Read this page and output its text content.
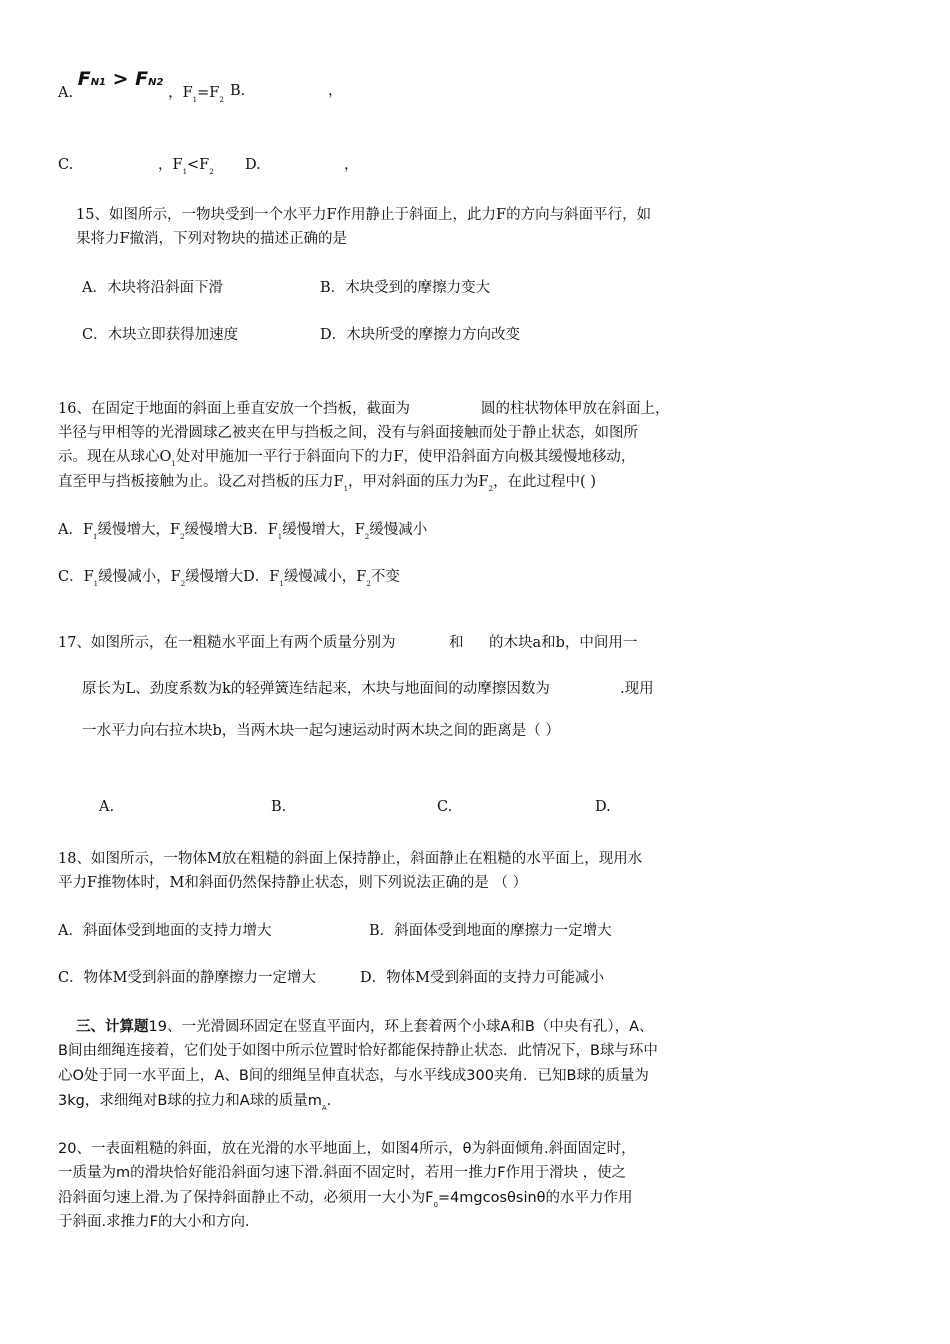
A. FN1 > FN2 ，$F_1=F_2$
B.	，
C.	，$F_1<F_2$ D.	，
15、如图所示，一物块受到一个水平力F作用静止于斜面上，此力F的方向与斜面平行，如
果将力F撤消，下列对物块的描述正确的是
A．木块将沿斜面下滑	B．木块受到的摩擦力变大
C．木块立即获得加速度	D．木块所受的摩擦力方向改变
16、在固定于地面的斜面上垂直安放一个挡板，截面为	圆的柱状物体甲放在斜面上，
半径与甲相等的光滑圆球乙被夹在甲与挡板之间，没有与斜面接触而处于静止状态，如图所
示。现在从球心$O_1$处对甲施加一平行于斜面向下的力F，使甲沿斜面方向极其缓慢地移动，
直至甲与挡板接触为止。设乙对挡板的压力$F_1$，甲对斜面的压力为$F_2$，在此过程中( )
A．$F_1$缓慢增大，$F_2$缓慢增大B．$F_1$缓慢增大，$F_2$缓慢减小
C．$F_1$缓慢减小，$F_2$缓慢增大D．$F_1$缓慢减小，$F_2$不变
17、如图所示，在一粗糙水平面上有两个质量分别为	和 的木块a和b，中间用一
原长为L、劲度系数为k的轻弹簧连结起来，木块与地面间的动摩擦因数为	.现用
一水平力向右拉木块b，当两木块一起匀速运动时两木块之间的距离是（ ）
A.	B.	C.	D.
18、如图所示，一物体M放在粗糙的斜面上保持静止，斜面静止在粗糙的水平面上，现用水
平力F推物体时，M和斜面仍然保持静止状态，则下列说法正确的是 （ ）
A．斜面体受到地面的支持力增大	B．斜面体受到地面的摩擦力一定增大
C．物体M受到斜面的静摩擦力一定增大	D．物体M受到斜面的支持力可能减小
三、计算题19、一光滑圆环固定在竖直平面内，环上套着两个小球A和B（中央有孔），A、
B间由细绳连接着，它们处于如图中所示位置时恰好都能保持静止状态．此情况下，B球与环中
心O处于同一水平面上，A、B间的细绳呈伸直状态，与水平线成300夹角．已知B球的质量为
3kg，求细绳对B球的拉力和A球的质量$m_A$.
20、一表面粗糙的斜面，放在光滑的水平地面上，如图4所示，θ为斜面倾角.斜面固定时，
一质量为m的滑块恰好能沿斜面匀速下滑.斜面不固定时，若用一推力F作用于滑块 ，使之
沿斜面匀速上滑.为了保持斜面静止不动，必须用一大小为$F_0=4mgcos\theta\sin\theta$的水平力作用
于斜面.求推力F的大小和方向.
